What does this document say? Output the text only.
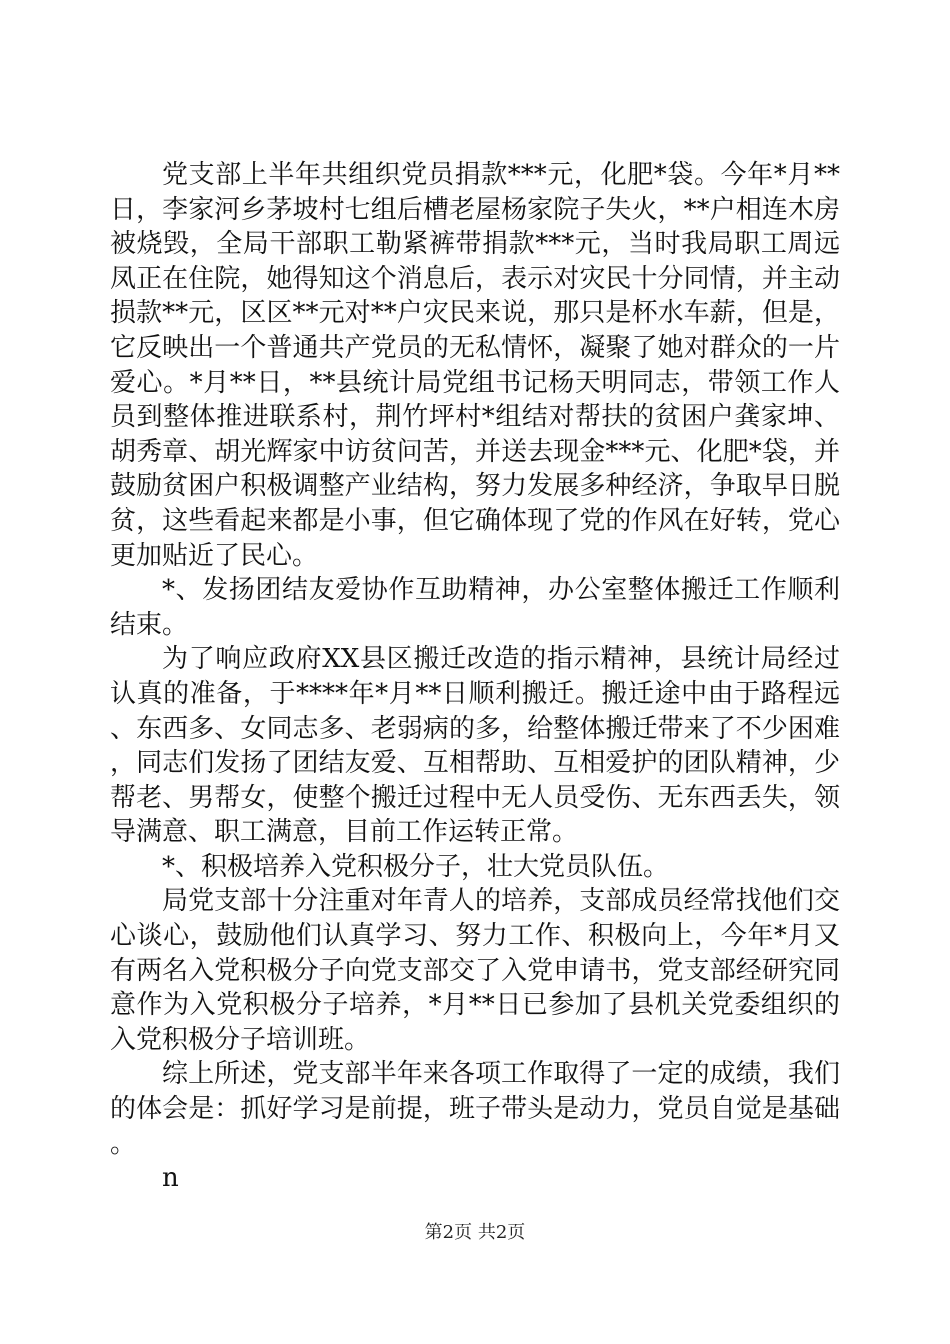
党支部上半年共组织党员捐款***元，化肥*袋。今年*月**日，李家河乡茅坡村七组后槽老屋杨家院子失火，**户相连木房被烧毁，全局干部职工勒紧裤带捐款***元，当时我局职工周远凤正在住院，她得知这个消息后，表示对灾民十分同情，并主动损款**元，区区**元对**户灾民来说，那只是杯水车薪，但是，它反映出一个普通共产党员的无私情怀，凝聚了她对群众的一片爱心。*月**日，**县统计局党组书记杨天明同志，带领工作人员到整体推进联系村，荆竹坪村*组结对帮扶的贫困户龚家坤、胡秀章、胡光辉家中访贫问苦，并送去现金***元、化肥*袋，并鼓励贫困户积极调整产业结构，努力发展多种经济，争取早日脱贫，这些看起来都是小事，但它确体现了党的作风在好转，党心更加贴近了民心。

*、发扬团结友爱协作互助精神，办公室整体搬迁工作顺利结束。

为了响应政府XX县区搬迁改造的指示精神，县统计局经过认真的准备，于****年*月**日顺利搬迁。搬迁途中由于路程远、东西多、女同志多、老弱病的多，给整体搬迁带来了不少困难，同志们发扬了团结友爱、互相帮助、互相爱护的团队精神，少帮老、男帮女，使整个搬迁过程中无人员受伤、无东西丢失，领导满意、职工满意，目前工作运转正常。

*、积极培养入党积极分子，壮大党员队伍。

局党支部十分注重对年青人的培养，支部成员经常找他们交心谈心，鼓励他们认真学习、努力工作、积极向上，今年*月又有两名入党积极分子向党支部交了入党申请书，党支部经研究同意作为入党积极分子培养，*月**日已参加了县机关党委组织的入党积极分子培训班。

综上所述，党支部半年来各项工作取得了一定的成绩，我们的体会是：抓好学习是前提，班子带头是动力，党员自觉是基础。

n

第2页 共2页
